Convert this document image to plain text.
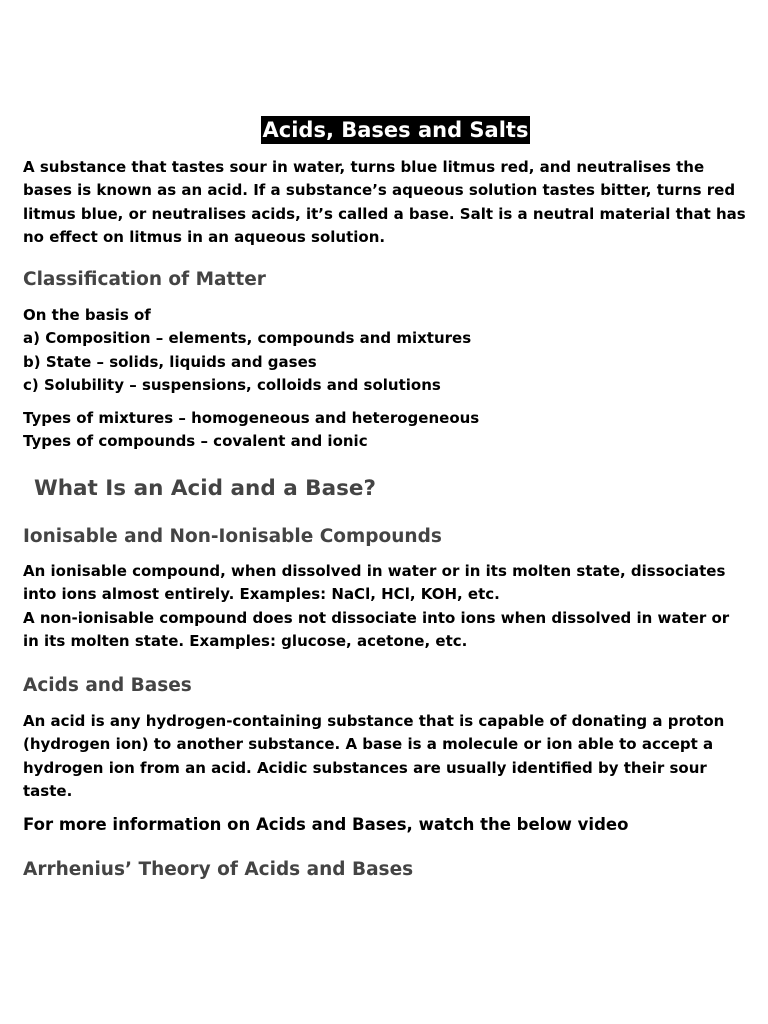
Acids, Bases and Salts
A substance that tastes sour in water, turns blue litmus red, and neutralises the
bases is known as an acid. If a substance’s aqueous solution tastes bitter, turns red
litmus blue, or neutralises acids, it’s called a base. Salt is a neutral material that has
no effect on litmus in an aqueous solution.
Classification of Matter
On the basis of
a) Composition – elements, compounds and mixtures
b) State – solids, liquids and gases
c) Solubility – suspensions, colloids and solutions
Types of mixtures – homogeneous and heterogeneous
Types of compounds – covalent and ionic
What Is an Acid and a Base?
Ionisable and Non-Ionisable Compounds
An ionisable compound, when dissolved in water or in its molten state, dissociates
into ions almost entirely. Examples: NaCl, HCl, KOH, etc.
A non-ionisable compound does not dissociate into ions when dissolved in water or
in its molten state. Examples: glucose, acetone, etc.
Acids and Bases
An acid is any hydrogen-containing substance that is capable of donating a proton
(hydrogen ion) to another substance. A base is a molecule or ion able to accept a
hydrogen ion from an acid. Acidic substances are usually identified by their sour
taste.
For more information on Acids and Bases, watch the below video
Arrhenius’ Theory of Acids and Bases
